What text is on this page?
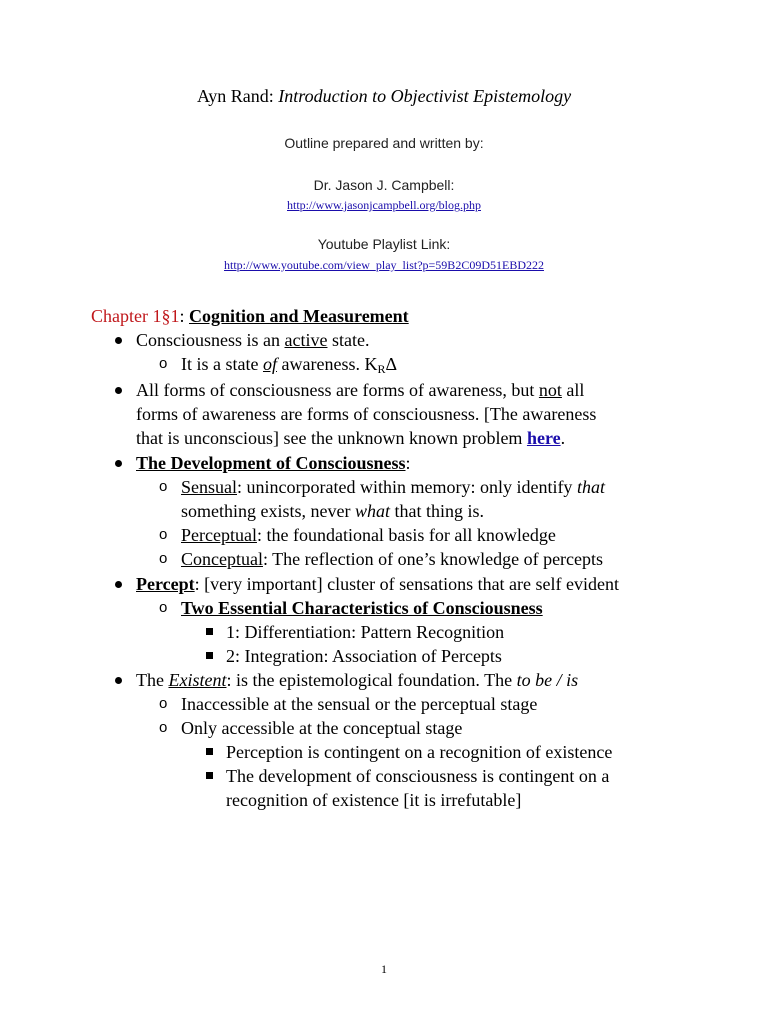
Ayn Rand: Introduction to Objectivist Epistemology
Outline prepared and written by:
Dr. Jason J. Campbell:
http://www.jasonjcampbell.org/blog.php
Youtube Playlist Link:
http://www.youtube.com/view_play_list?p=59B2C09D51EBD222
Chapter 1§1: Cognition and Measurement
Consciousness is an active state.
o It is a state of awareness. $K_R\Delta$
All forms of consciousness are forms of awareness, but not all
forms of awareness are forms of consciousness. [The awareness
that is unconscious] see the unknown known problem here.
The Development of Consciousness:
o Sensual: unincorporated within memory: only identify that
something exists, never what that thing is.
o Perceptual: the foundational basis for all knowledge
o Conceptual: The reflection of one’s knowledge of percepts
Percept: [very important] cluster of sensations that are self evident
o Two Essential Characteristics of Consciousness
1: Differentiation: Pattern Recognition
2: Integration: Association of Percepts
The Existent: is the epistemological foundation. The to be / is
o Inaccessible at the sensual or the perceptual stage
o Only accessible at the conceptual stage
Perception is contingent on a recognition of existence
The development of consciousness is contingent on a
recognition of existence [it is irrefutable]
1
